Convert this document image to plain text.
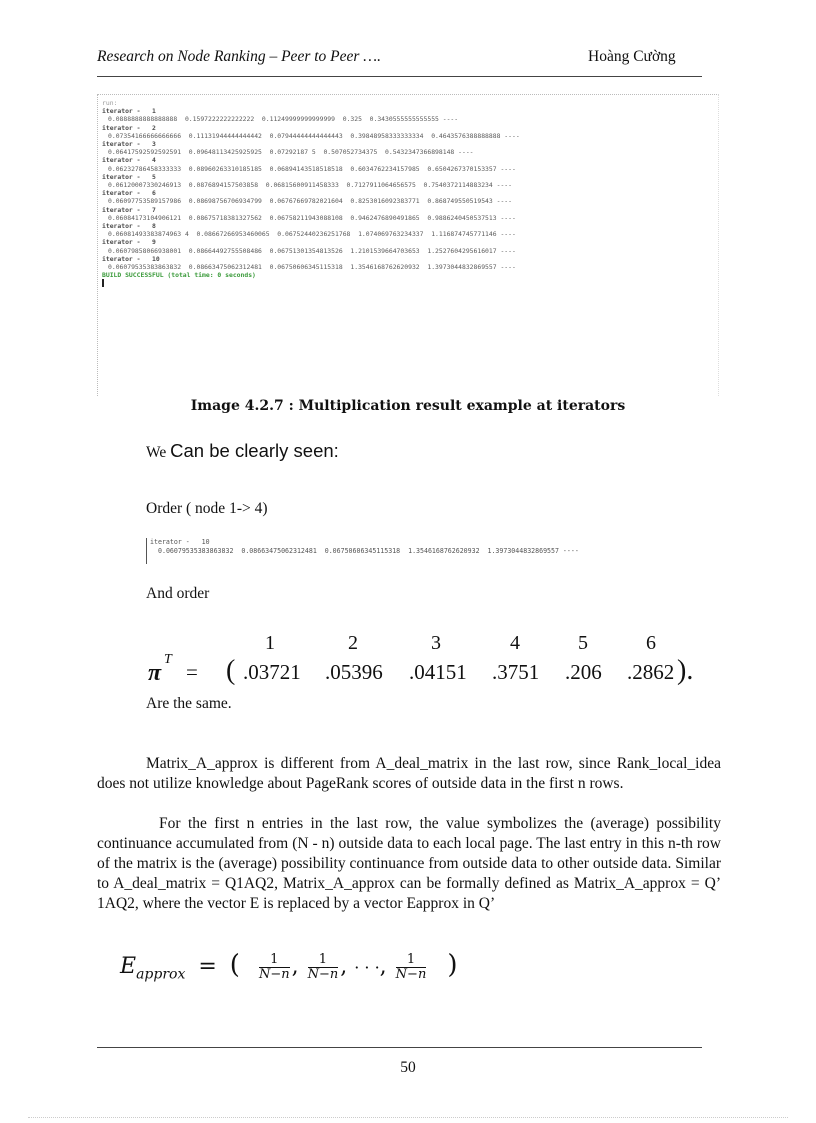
Research on Node Ranking – Peer to Peer ….	Hoàng Cường
run:
iterator -   1
0.0888888888888888  0.1597222222222222  0.11249999999999999  0.325  0.3430555555555555 ----
iterator -   2
0.07354166666666666  0.11131944444444442  0.07944444444444443  0.39848958333333334  0.4643576388888888 ----
iterator -   3
0.06417592592592591  0.09648113425925925  0.07292187 5  0.507052734375  0.5432347366898148 ----
iterator -   4
0.06232786458333333  0.08960263310185185  0.06894143518518518  0.6034762234157985  0.6504267370153357 ----
iterator -   5
0.06120007330246913  0.0876894157503858  0.06815600911458333  0.7127911064656575  0.7540372114883234 ----
iterator -   6
0.06097753589157986  0.08698756706934799  0.06767669782021604  0.8253016092383771  0.868749550519543 ----
iterator -   7
0.06084173104906121  0.08675718381327562  0.06758211943088108  0.9462476890491865  0.9886240450537513 ----
iterator -   8
0.06081493383874963 4  0.08667266953460065  0.06752440236251768  1.074069763234337  1.116874745771146 ----
iterator -   9
0.06079858066938001  0.08664492755508486  0.06751301354813526  1.2101539664703653  1.2527604295616017 ----
iterator -   10
0.06079535383863832  0.08663475062312481  0.06750606345115318  1.3546168762620932  1.3973044832869557 ----
BUILD SUCCESSFUL (total time: 0 seconds)
Image 4.2.7 : Multiplication result example at iterators
We Can be clearly seen:
Order ( node 1-> 4)
iterator -   10
0.06079535383863832  0.08663475062312481  0.06750606345115318  1.3546168762620932  1.3973044832869557 ----
And order
1	2	3	4	5	6
π
T
= ( .03721 .05396 .04151 .3751 .206 .2862 ).
Are the same.
Matrix_A_approx is different from A_deal_matrix in the last row, since Rank_local_idea does not utilize knowledge about PageRank scores of outside data in the first n rows.
For the first n entries in the last row, the value symbolizes the (average) possibility continuance accumulated from (N - n) outside data to each local page. The last entry in this n-th row of the matrix is the (average) possibility continuance from outside data to other outside data. Similar to A_deal_matrix = Q1AQ2, Matrix_A_approx can be formally defined as Matrix_A_approx = Q’ 1AQ2, where the vector E is replaced by a vector Eapprox in Q’
$E_{approx}$ = ( $\frac{1}{N-n}$ , $\frac{1}{N-n}$ , · · ·, $\frac{1}{N-n}$ )
50
